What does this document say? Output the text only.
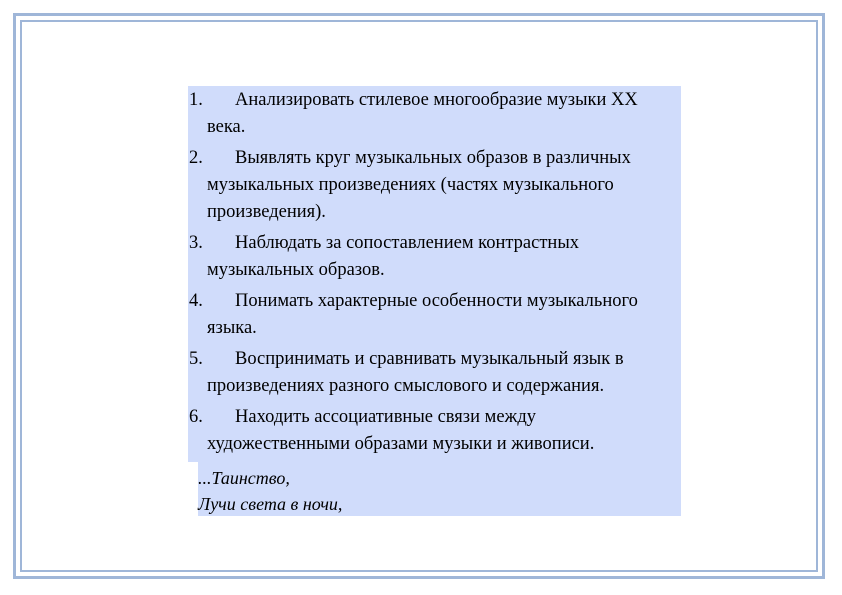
1.	Анализировать стилевое многообразие музыки XX века.
2.	Выявлять круг музыкальных образов в различных музыкальных произведениях (частях музыкального произведения).
3.	Наблюдать за сопоставлением контрастных музыкальных образов.
4.	Понимать характерные особенности музыкального языка.
5.	Воспринимать и сравнивать музыкальный язык в произведениях разного смыслового и содержания.
6.	Находить ассоциативные связи между художественными образами музыки и живописи.
...Таинство,
Лучи света в ночи,
